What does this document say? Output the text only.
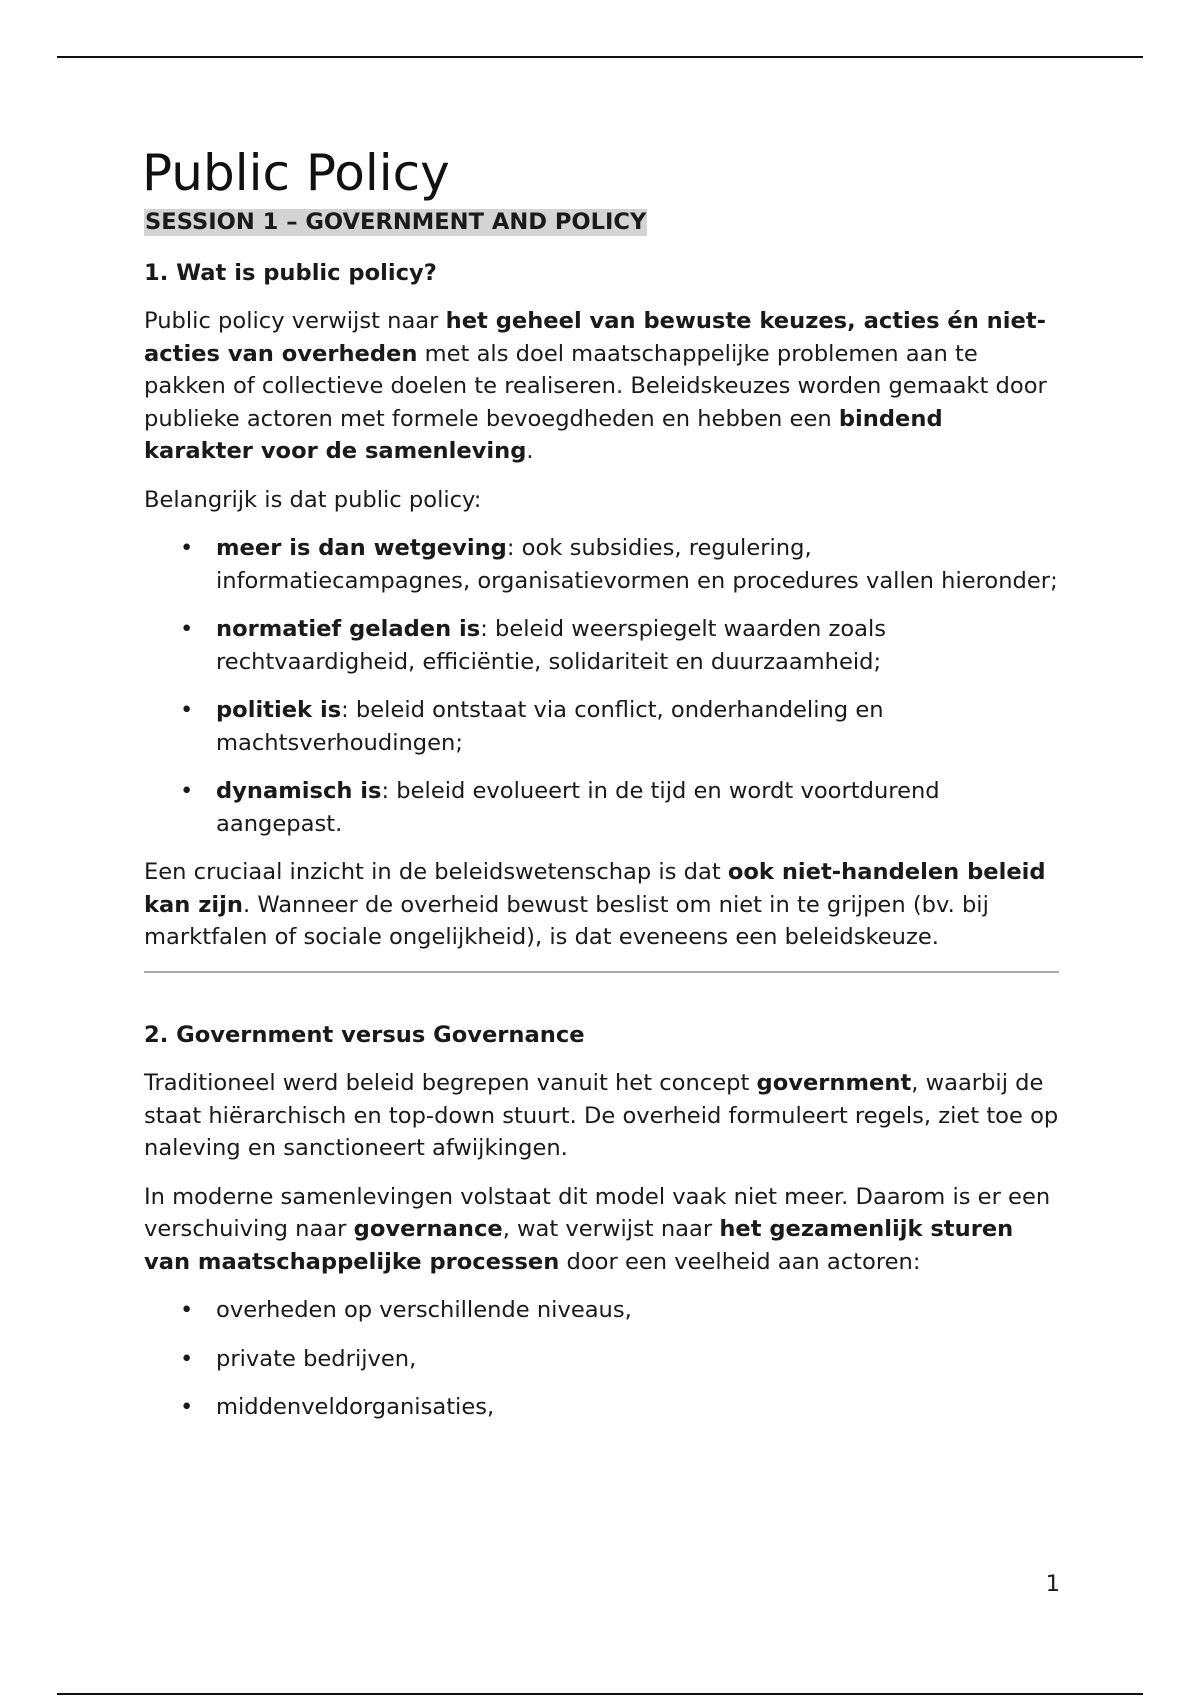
Public Policy
SESSION 1 – GOVERNMENT AND POLICY
1. Wat is public policy?

Public policy verwijst naar het geheel van bewuste keuzes, acties én niet-acties van overheden met als doel maatschappelijke problemen aan te pakken of collectieve doelen te realiseren. Beleidskeuzes worden gemaakt door publieke actoren met formele bevoegdheden en hebben een bindend karakter voor de samenleving.

Belangrijk is dat public policy:

• meer is dan wetgeving: ook subsidies, regulering, informatiecampagnes, organisatievormen en procedures vallen hieronder;
• normatief geladen is: beleid weerspiegelt waarden zoals rechtvaardigheid, efficiëntie, solidariteit en duurzaamheid;
• politiek is: beleid ontstaat via conflict, onderhandeling en machtsverhoudingen;
• dynamisch is: beleid evolueert in de tijd en wordt voortdurend aangepast.

Een cruciaal inzicht in de beleidswetenschap is dat ook niet-handelen beleid kan zijn. Wanneer de overheid bewust beslist om niet in te grijpen (bv. bij marktfalen of sociale ongelijkheid), is dat eveneens een beleidskeuze.

2. Government versus Governance

Traditioneel werd beleid begrepen vanuit het concept government, waarbij de staat hiërarchisch en top-down stuurt. De overheid formuleert regels, ziet toe op naleving en sanctioneert afwijkingen.

In moderne samenlevingen volstaat dit model vaak niet meer. Daarom is er een verschuiving naar governance, wat verwijst naar het gezamenlijk sturen van maatschappelijke processen door een veelheid aan actoren:

• overheden op verschillende niveaus,
• private bedrijven,
• middenveldorganisaties,
1
